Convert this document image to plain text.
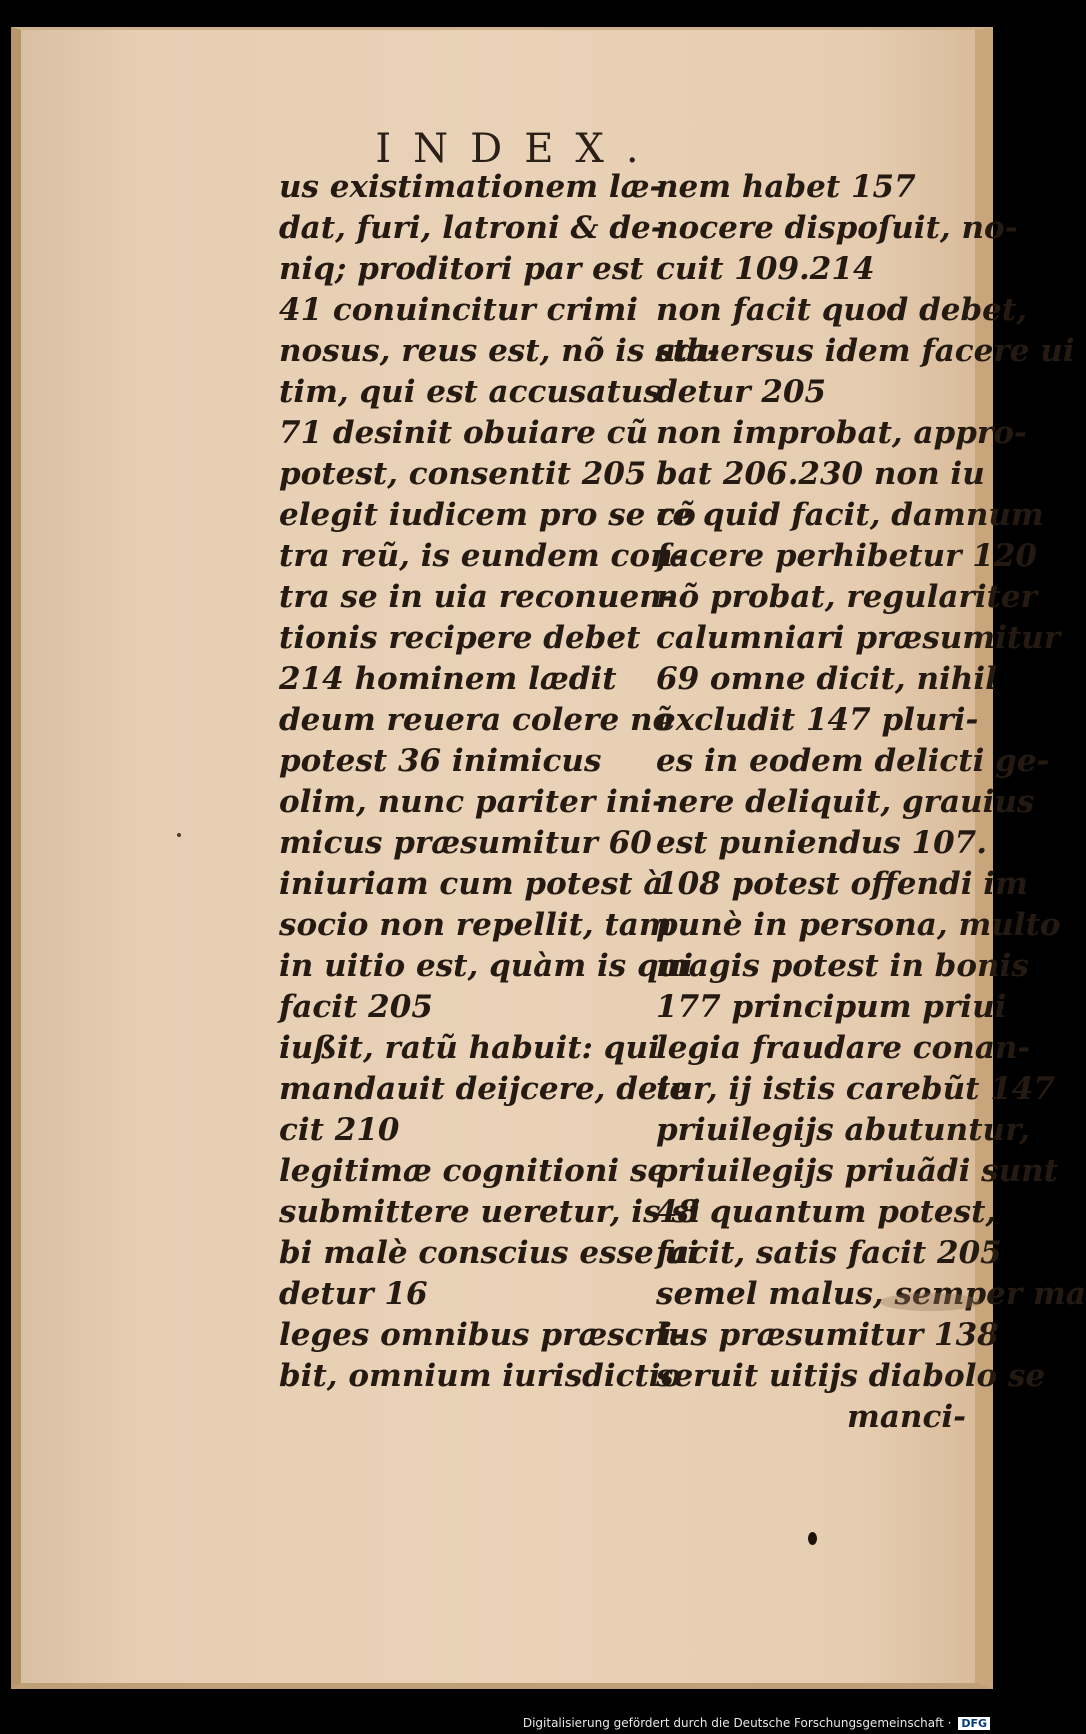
INDEX.
us existimationem læ-
dat, furi, latroni & de-
niq; proditori par est
41 conuincitur crimi
nosus, reus est, nõ is sta-
tim, qui est accusatus
71 desinit obuiare cũ
potest, consentit 205
elegit iudicem pro se cõ
tra reũ, is eundem con-
tra se in uia reconuen-
tionis recipere debet
214 hominem lædit
deum reuera colere nõ
potest 36 inimicus
olim, nunc pariter ini-
micus præsumitur 60
iniuriam cum potest à
socio non repellit, tam
in uitio est, quàm is qui
facit 205
iußit, ratũ habuit: qui
mandauit deijcere, deie
cit 210
legitimæ cognitioni se
submittere ueretur, is si
bi malè conscius esse ui
detur 16
leges omnibus præscri-
bit, omnium iurisdictio
nem habet 157
nocere dispoſuit, no-
cuit 109.214
non facit quod debet,
aduersus idem facere ui
detur 205
non improbat, appro-
bat 206.230 non iu
re quid facit, damnum
facere perhibetur 120
nõ probat, regulariter
calumniari præsumitur
69 omne dicit, nihil
excludit 147 pluri-
es in eodem delicti ge-
nere deliquit, grauius
est puniendus 107.
108 potest offendi im
punè in persona, multo
magis potest in bonis
177 principum priui
legia fraudare conan-
tur, ij istis carebũt 147
priuilegijs abutuntur,
priuilegijs priuãdi sunt
48 quantum potest,
facit, satis facit 205
semel malus, semper ma
lus præsumitur 138
seruit uitijs diabolo se
manci-
Digitalisierung gefördert durch die Deutsche Forschungsgemeinschaft · DFG
